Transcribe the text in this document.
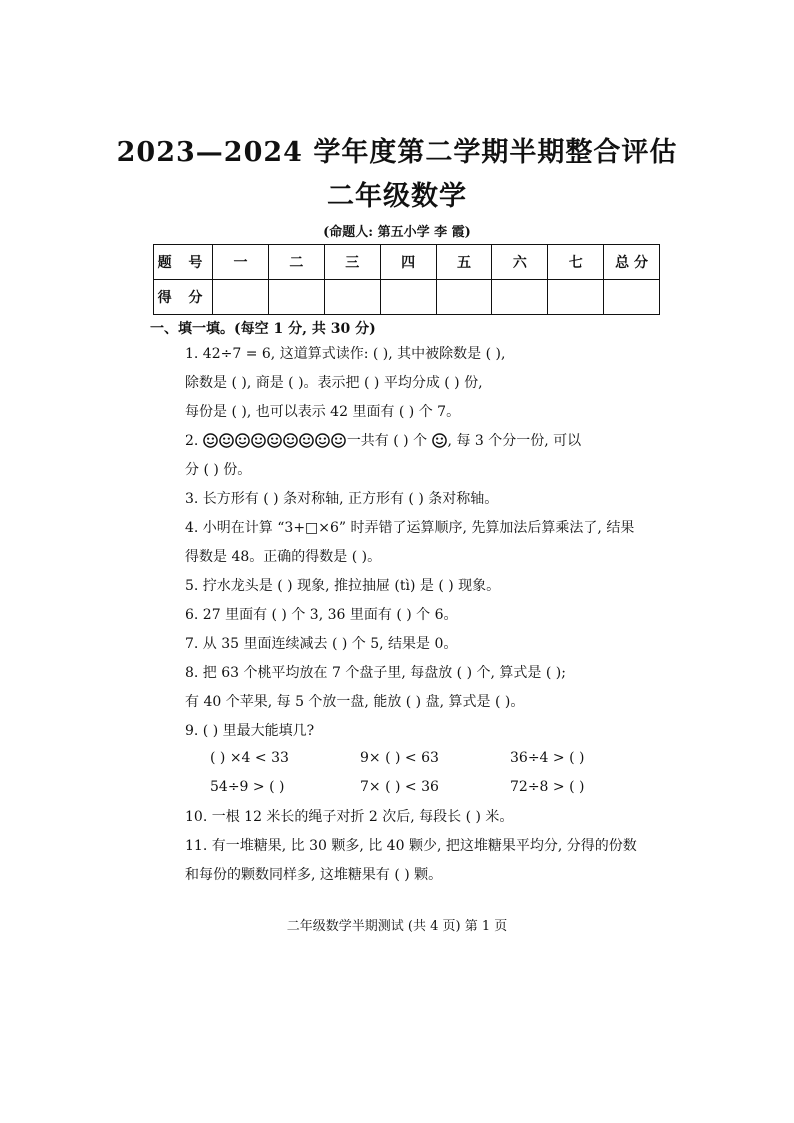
2023—2024 学年度第二学期半期整合评估
二年级数学
(命题人: 第五小学 李 霞)
题 号	一	二	三	四	五	六	七	总 分
得 分								
一、填一填。(每空 1 分, 共 30 分)
1. 42÷7 = 6, 这道算式读作: ( ), 其中被除数是 ( ),
除数是 ( ), 商是 ( )。表示把 ( ) 平均分成 ( ) 份,
每份是 ( ), 也可以表示 42 里面有 ( ) 个 7。
2.	一共有 ( ) 个 , 每 3 个分一份, 可以
分 ( ) 份。
3. 长方形有 ( ) 条对称轴, 正方形有 ( ) 条对称轴。
4. 小明在计算 “3+□×6” 时弄错了运算顺序, 先算加法后算乘法了, 结果
得数是 48。正确的得数是 ( )。
5. 拧水龙头是 ( ) 现象, 推拉抽屉 (tì) 是 ( ) 现象。
6. 27 里面有 ( ) 个 3, 36 里面有 ( ) 个 6。
7. 从 35 里面连续减去 ( ) 个 5, 结果是 0。
8. 把 63 个桃平均放在 7 个盘子里, 每盘放 ( ) 个, 算式是 ( );
有 40 个苹果, 每 5 个放一盘, 能放 ( ) 盘, 算式是 ( )。
9. ( ) 里最大能填几?
( ) ×4 < 33	9× ( ) < 63	36÷4 > ( )
54÷9 > ( )	7× ( ) < 36	72÷8 > ( )
10. 一根 12 米长的绳子对折 2 次后, 每段长 ( ) 米。
11. 有一堆糖果, 比 30 颗多, 比 40 颗少, 把这堆糖果平均分, 分得的份数
和每份的颗数同样多, 这堆糖果有 ( ) 颗。
二年级数学半期测试 (共 4 页) 第 1 页
